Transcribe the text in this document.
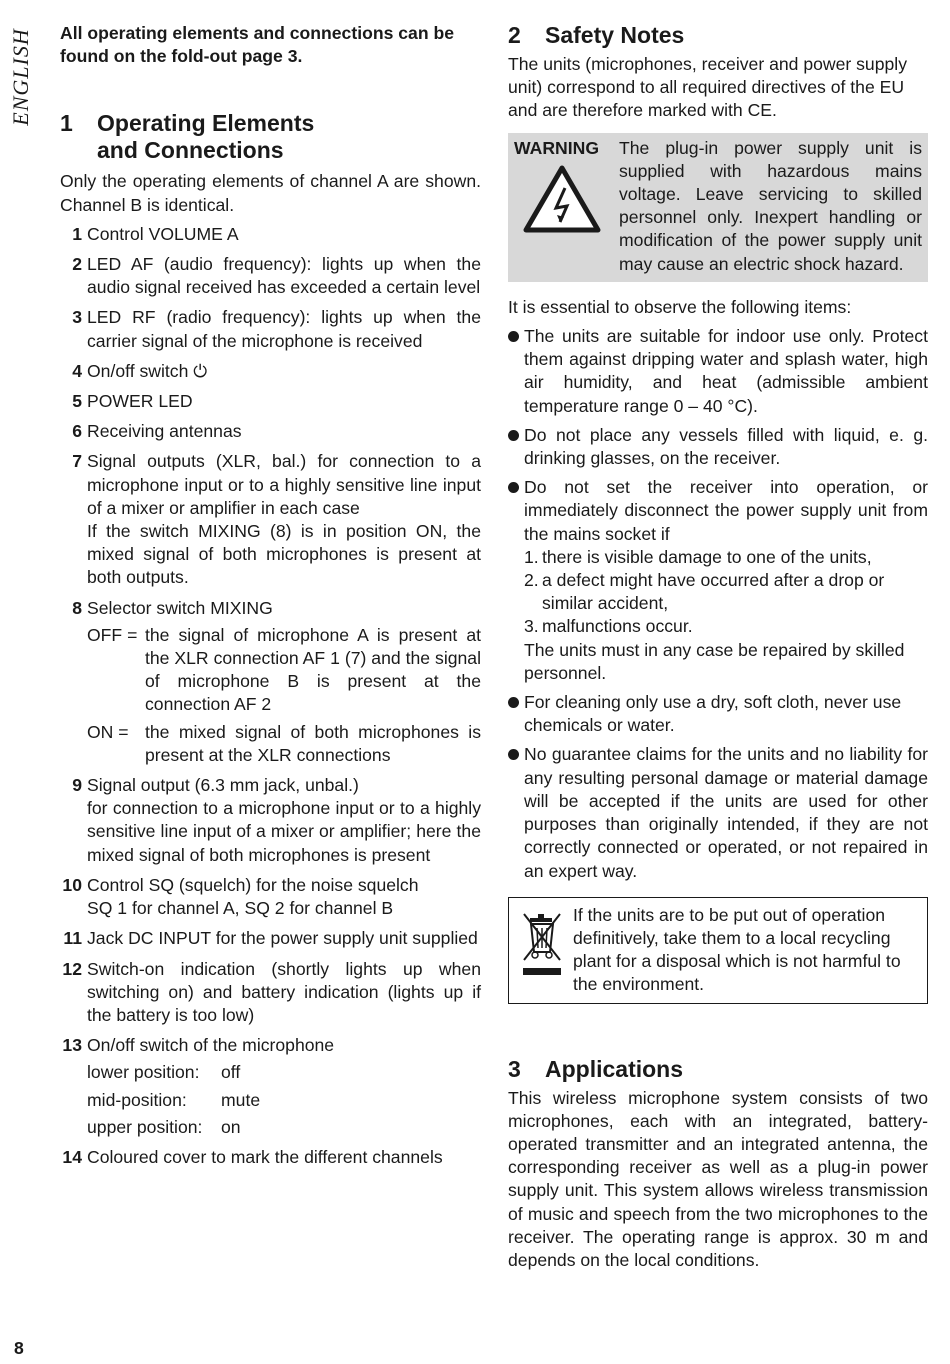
ENGLISH All operating elements and connections can be found on the fold-out page 3.

1	Operating Elements
and Connections

Only the operating elements of channel A are shown. Channel B is identical.

1 Control VOLUME A
2 LED AF (audio frequency): lights up when the audio signal received has exceeded a certain level
3 LED RF (radio frequency): lights up when the carrier signal of the microphone is received
4 On/off switch ⏻
5 POWER LED
6 Receiving antennas
7 Signal outputs (XLR, bal.) for connection to a microphone input or to a highly sensitive line input of a mixer or amplifier in each case
If the switch MIXING (8) is in position ON, the mixed signal of both microphones is present at both outputs.
8 Selector switch MIXING
OFF = the signal of microphone A is present at the XLR connection AF 1 (7) and the signal of microphone B is present at the connection AF 2
ON = the mixed signal of both microphones is present at the XLR connections
9 Signal output (6.3 mm jack, unbal.)
for connection to a microphone input or to a highly sensitive line input of a mixer or amplifier; here the mixed signal of both microphones is present
10 Control SQ (squelch) for the noise squelch
SQ 1 for channel A, SQ 2 for channel B
11 Jack DC INPUT for the power supply unit supplied
12 Switch-on indication (shortly lights up when switching on) and battery indication (lights up if the battery is too low)
13 On/off switch of the microphone
lower position:	off
mid-position:	mute
upper position:	on
14 Coloured cover to mark the different channels
2	Safety Notes

The units (microphones, receiver and power supply unit) correspond to all required directives of the EU and are therefore marked with CE.

WARNING	The plug-in power supply unit is supplied with hazardous mains voltage. Leave servicing to skilled personnel only. Inexpert handling or modification of the power supply unit may cause an electric shock hazard.

It is essential to observe the following items:

The units are suitable for indoor use only. Protect them against dripping water and splash water, high air humidity, and heat (admissible ambient temperature range 0 – 40 °C).
Do not place any vessels filled with liquid, e. g. drinking glasses, on the receiver.
Do not set the receiver into operation, or immediately disconnect the power supply unit from the mains socket if
1. there is visible damage to one of the units,
2. a defect might have occurred after a drop or similar accident,
3. malfunctions occur.
The units must in any case be repaired by skilled personnel.
For cleaning only use a dry, soft cloth, never use chemicals or water.
No guarantee claims for the units and no liability for any resulting personal damage or material damage will be accepted if the units are used for other purposes than originally intended, if they are not correctly connected or operated, or not repaired in an expert way.
If the units are to be put out of operation definitively, take them to a local recycling plant for a disposal which is not harmful to the environment.
3	Applications

This wireless microphone system consists of two microphones, each with an integrated, battery-operated transmitter and an integrated antenna, the corresponding receiver as well as a plug-in power supply unit. This system allows wireless transmission of music and speech from the two microphones to the receiver. The operating range is approx. 30 m and depends on the local conditions.

8
